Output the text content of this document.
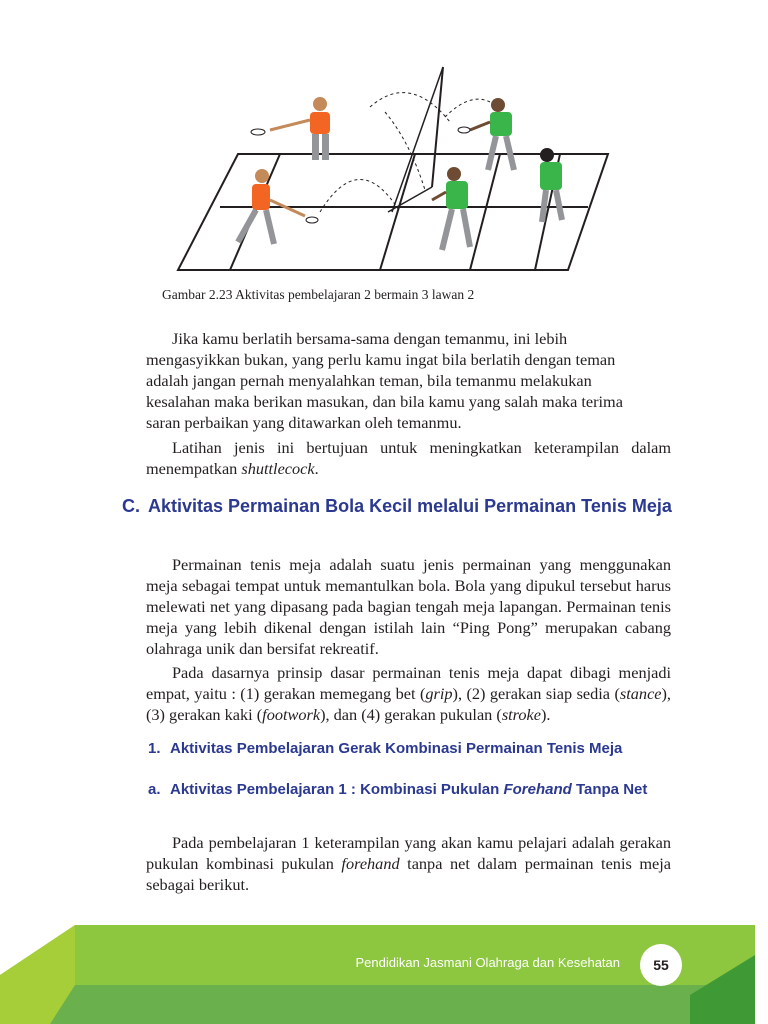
Gambar 2.23 Aktivitas pembelajaran 2 bermain 3 lawan 2

Jika kamu berlatih bersama-sama dengan temanmu, ini lebih
mengasyikkan bukan, yang perlu kamu ingat bila berlatih dengan teman
adalah jangan pernah menyalahkan teman, bila temanmu melakukan
kesalahan maka berikan masukan, dan bila kamu yang salah maka terima
saran perbaikan yang ditawarkan oleh temanmu.

Latihan jenis ini bertujuan untuk meningkatkan keterampilan dalam menempatkan shuttlecock.

C. Aktivitas Permainan Bola Kecil melalui Permainan Tenis Meja

Permainan tenis meja adalah suatu jenis permainan yang menggunakan meja sebagai tempat untuk memantulkan bola. Bola yang dipukul tersebut harus melewati net yang dipasang pada bagian tengah meja lapangan. Permainan tenis meja yang lebih dikenal dengan istilah lain “Ping Pong” merupakan cabang olahraga unik dan bersifat rekreatif.

Pada dasarnya prinsip dasar permainan tenis meja dapat dibagi menjadi empat, yaitu : (1) gerakan memegang bet (grip), (2) gerakan siap sedia (stance), (3) gerakan kaki (footwork), dan (4) gerakan pukulan (stroke).

1. Aktivitas Pembelajaran Gerak Kombinasi Permainan Tenis Meja
a. Aktivitas Pembelajaran 1 : Kombinasi Pukulan Forehand Tanpa Net

Pada pembelajaran 1 keterampilan yang akan kamu pelajari adalah gerakan pukulan kombinasi pukulan forehand tanpa net dalam permainan tenis meja sebagai berikut.

Pendidikan Jasmani Olahraga dan Kesehatan	55
